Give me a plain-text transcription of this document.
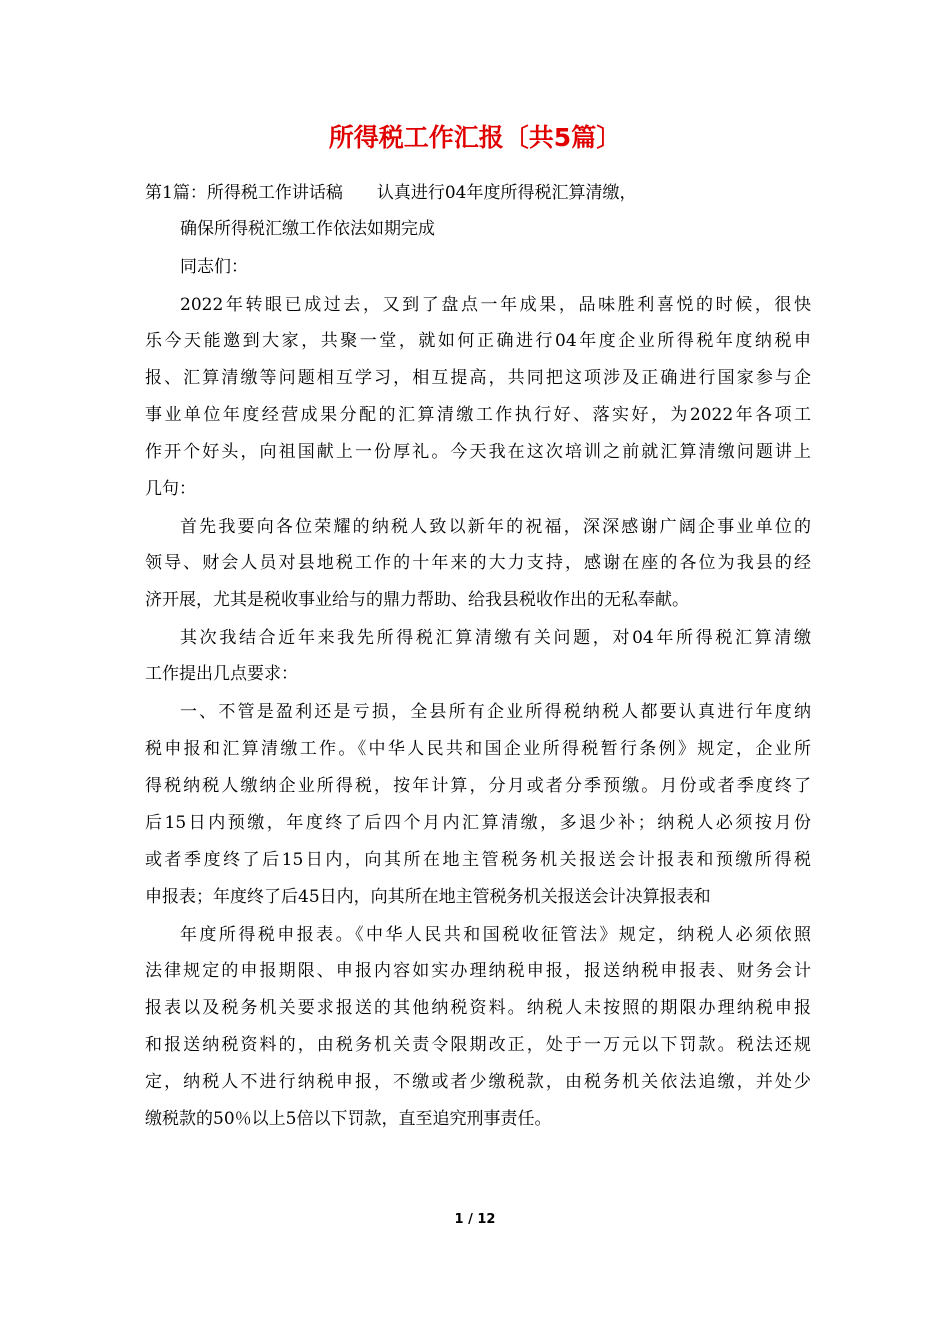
所得税工作汇报〔共5篇〕

第1篇：所得税工作讲话稿　　认真进行04年度所得税汇算清缴，

确保所得税汇缴工作依法如期完成

同志们：

2022年转眼已成过去，又到了盘点一年成果，品味胜利喜悦的时候，很快

乐今天能邀到大家，共聚一堂，就如何正确进行04年度企业所得税年度纳税申

报、汇算清缴等问题相互学习，相互提高，共同把这项涉及正确进行国家参与企

事业单位年度经营成果分配的汇算清缴工作执行好、落实好，为2022年各项工

作开个好头，向祖国献上一份厚礼。今天我在这次培训之前就汇算清缴问题讲上

几句：

首先我要向各位荣耀的纳税人致以新年的祝福，深深感谢广阔企事业单位的

领导、财会人员对县地税工作的十年来的大力支持，感谢在座的各位为我县的经

济开展，尤其是税收事业给与的鼎力帮助、给我县税收作出的无私奉献。

其次我结合近年来我先所得税汇算清缴有关问题，对04年所得税汇算清缴

工作提出几点要求：

一、不管是盈利还是亏损，全县所有企业所得税纳税人都要认真进行年度纳

税申报和汇算清缴工作。《中华人民共和国企业所得税暂行条例》规定，企业所

得税纳税人缴纳企业所得税，按年计算，分月或者分季预缴。月份或者季度终了

后15日内预缴，年度终了后四个月内汇算清缴，多退少补；纳税人必须按月份

或者季度终了后15日内，向其所在地主管税务机关报送会计报表和预缴所得税

申报表；年度终了后45日内，向其所在地主管税务机关报送会计决算报表和

年度所得税申报表。《中华人民共和国税收征管法》规定，纳税人必须依照

法律规定的申报期限、申报内容如实办理纳税申报，报送纳税申报表、财务会计

报表以及税务机关要求报送的其他纳税资料。纳税人未按照的期限办理纳税申报

和报送纳税资料的，由税务机关责令限期改正，处于一万元以下罚款。税法还规

定，纳税人不进行纳税申报，不缴或者少缴税款，由税务机关依法追缴，并处少

缴税款的50％以上5倍以下罚款，直至追究刑事责任。

1 / 12
